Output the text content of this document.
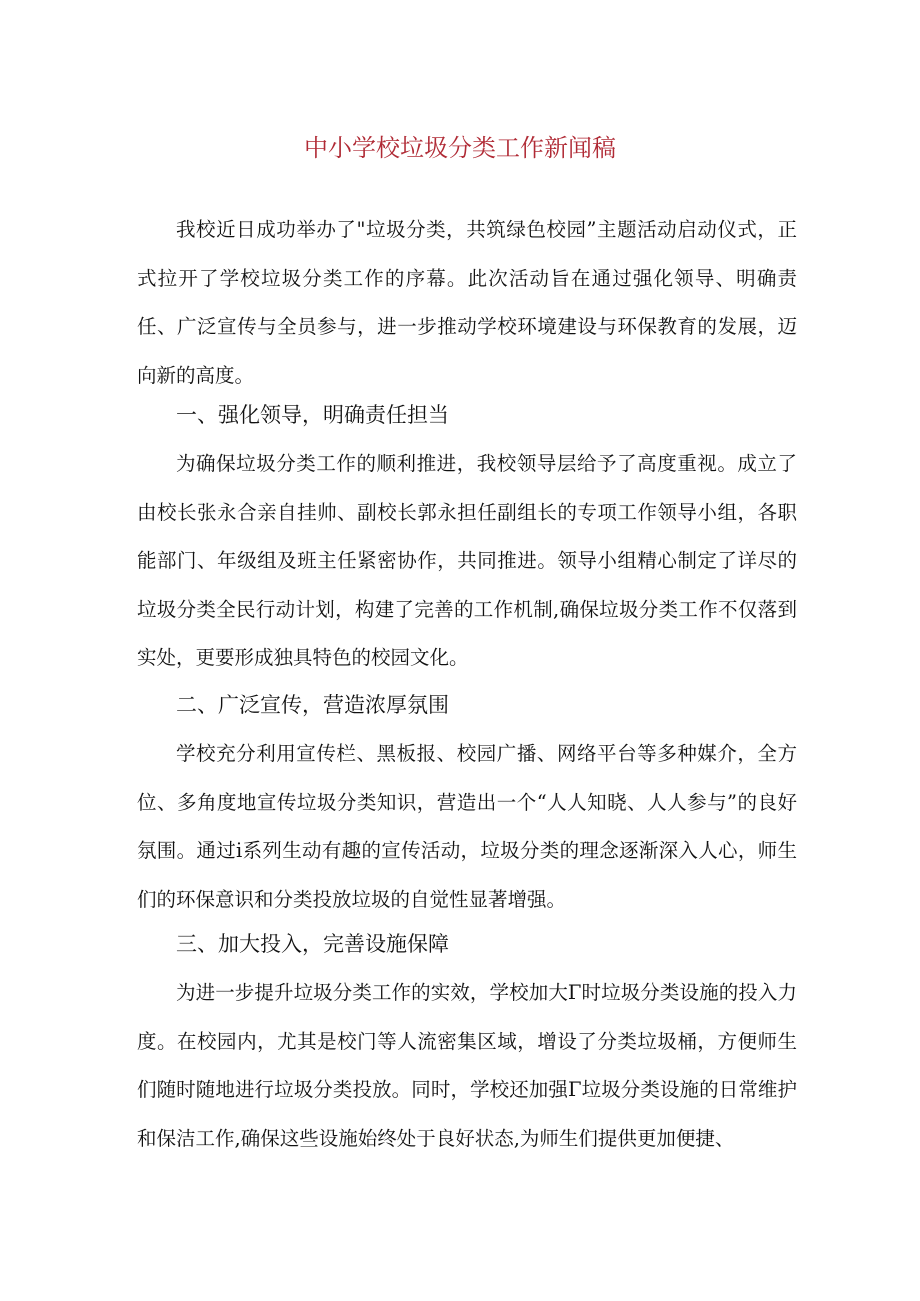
中小学校垃圾分类工作新闻稿

我校近日成功举办了"垃圾分类，共筑绿色校园”主题活动启动仪式，正式拉开了学校垃圾分类工作的序幕。此次活动旨在通过强化领导、明确责任、广泛宣传与全员参与，进一步推动学校环境建设与环保教育的发展，迈向新的高度。

一、强化领导，明确责任担当

为确保垃圾分类工作的顺利推进，我校领导层给予了高度重视。成立了由校长张永合亲自挂帅、副校长郭永担任副组长的专项工作领导小组，各职能部门、年级组及班主任紧密协作，共同推进。领导小组精心制定了详尽的垃圾分类全民行动计划，构建了完善的工作机制,确保垃圾分类工作不仅落到实处，更要形成独具特色的校园文化。

二、广泛宣传，营造浓厚氛围

学校充分利用宣传栏、黑板报、校园广播、网络平台等多种媒介，全方位、多角度地宣传垃圾分类知识，营造出一个“人人知晓、人人参与”的良好氛围。通过i系列生动有趣的宣传活动，垃圾分类的理念逐渐深入人心，师生们的环保意识和分类投放垃圾的自觉性显著增强。

三、加大投入，完善设施保障

为进一步提升垃圾分类工作的实效，学校加大Γ时垃圾分类设施的投入力度。在校园内，尤其是校门等人流密集区域，增设了分类垃圾桶，方便师生们随时随地进行垃圾分类投放。同时，学校还加强Γ垃圾分类设施的日常维护和保洁工作,确保这些设施始终处于良好状态,为师生们提供更加便捷、
